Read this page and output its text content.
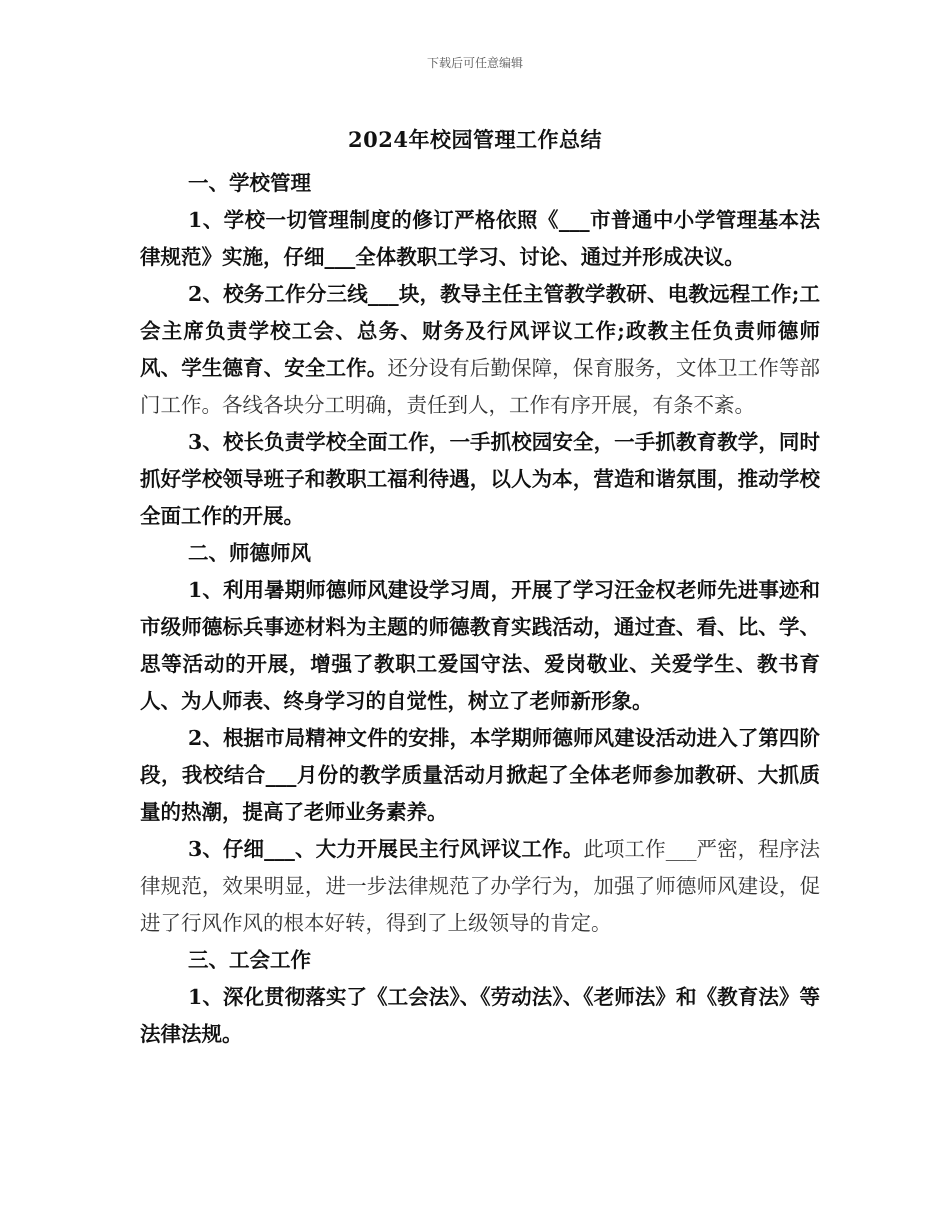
下载后可任意编辑
2024年校园管理工作总结

一、学校管理

1、学校一切管理制度的修订严格依照《___市普通中小学管理基本法律规范》实施，仔细___全体教职工学习、讨论、通过并形成决议。

2、校务工作分三线___块，教导主任主管教学教研、电教远程工作;工会主席负责学校工会、总务、财务及行风评议工作;政教主任负责师德师风、学生德育、安全工作。还分设有后勤保障，保育服务，文体卫工作等部门工作。各线各块分工明确，责任到人，工作有序开展，有条不紊。

3、校长负责学校全面工作，一手抓校园安全，一手抓教育教学，同时抓好学校领导班子和教职工福利待遇，以人为本，营造和谐氛围，推动学校全面工作的开展。

二、师德师风

1、利用暑期师德师风建设学习周，开展了学习汪金权老师先进事迹和市级师德标兵事迹材料为主题的师德教育实践活动，通过查、看、比、学、思等活动的开展，增强了教职工爱国守法、爱岗敬业、关爱学生、教书育人、为人师表、终身学习的自觉性，树立了老师新形象。

2、根据市局精神文件的安排，本学期师德师风建设活动进入了第四阶段，我校结合___月份的教学质量活动月掀起了全体老师参加教研、大抓质量的热潮，提高了老师业务素养。

3、仔细___、大力开展民主行风评议工作。此项工作___严密，程序法律规范，效果明显，进一步法律规范了办学行为，加强了师德师风建设，促进了行风作风的根本好转，得到了上级领导的肯定。

三、工会工作

1、深化贯彻落实了《工会法》、《劳动法》、《老师法》和《教育法》等法律法规。
